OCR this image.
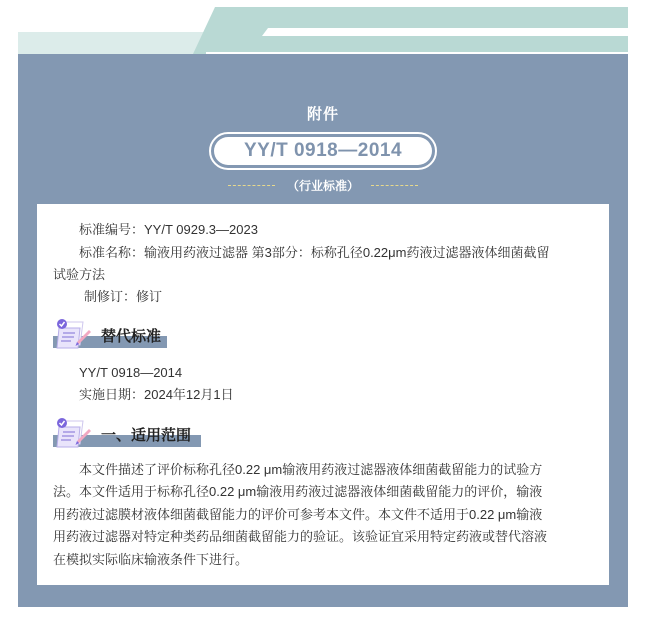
附件
YY/T 0918—2014
（行业标准）
标准编号：YY/T 0929.3—2023
标准名称：输液用药液过滤器 第3部分：标称孔径0.22μm药液过滤器液体细菌截留
试验方法
制修订：修订
替代标准
YY/T 0918—2014
实施日期：2024年12月1日
一、适用范围
本文件描述了评价标称孔径0.22 μm输液用药液过滤器液体细菌截留能力的试验方
法。本文件适用于标称孔径0.22 μm输液用药液过滤器液体细菌截留能力的评价，输液
用药液过滤膜材液体细菌截留能力的评价可参考本文件。本文件不适用于0.22 μm输液
用药液过滤器对特定种类药品细菌截留能力的验证。该验证宜采用特定药液或替代溶液
在模拟实际临床输液条件下进行。
